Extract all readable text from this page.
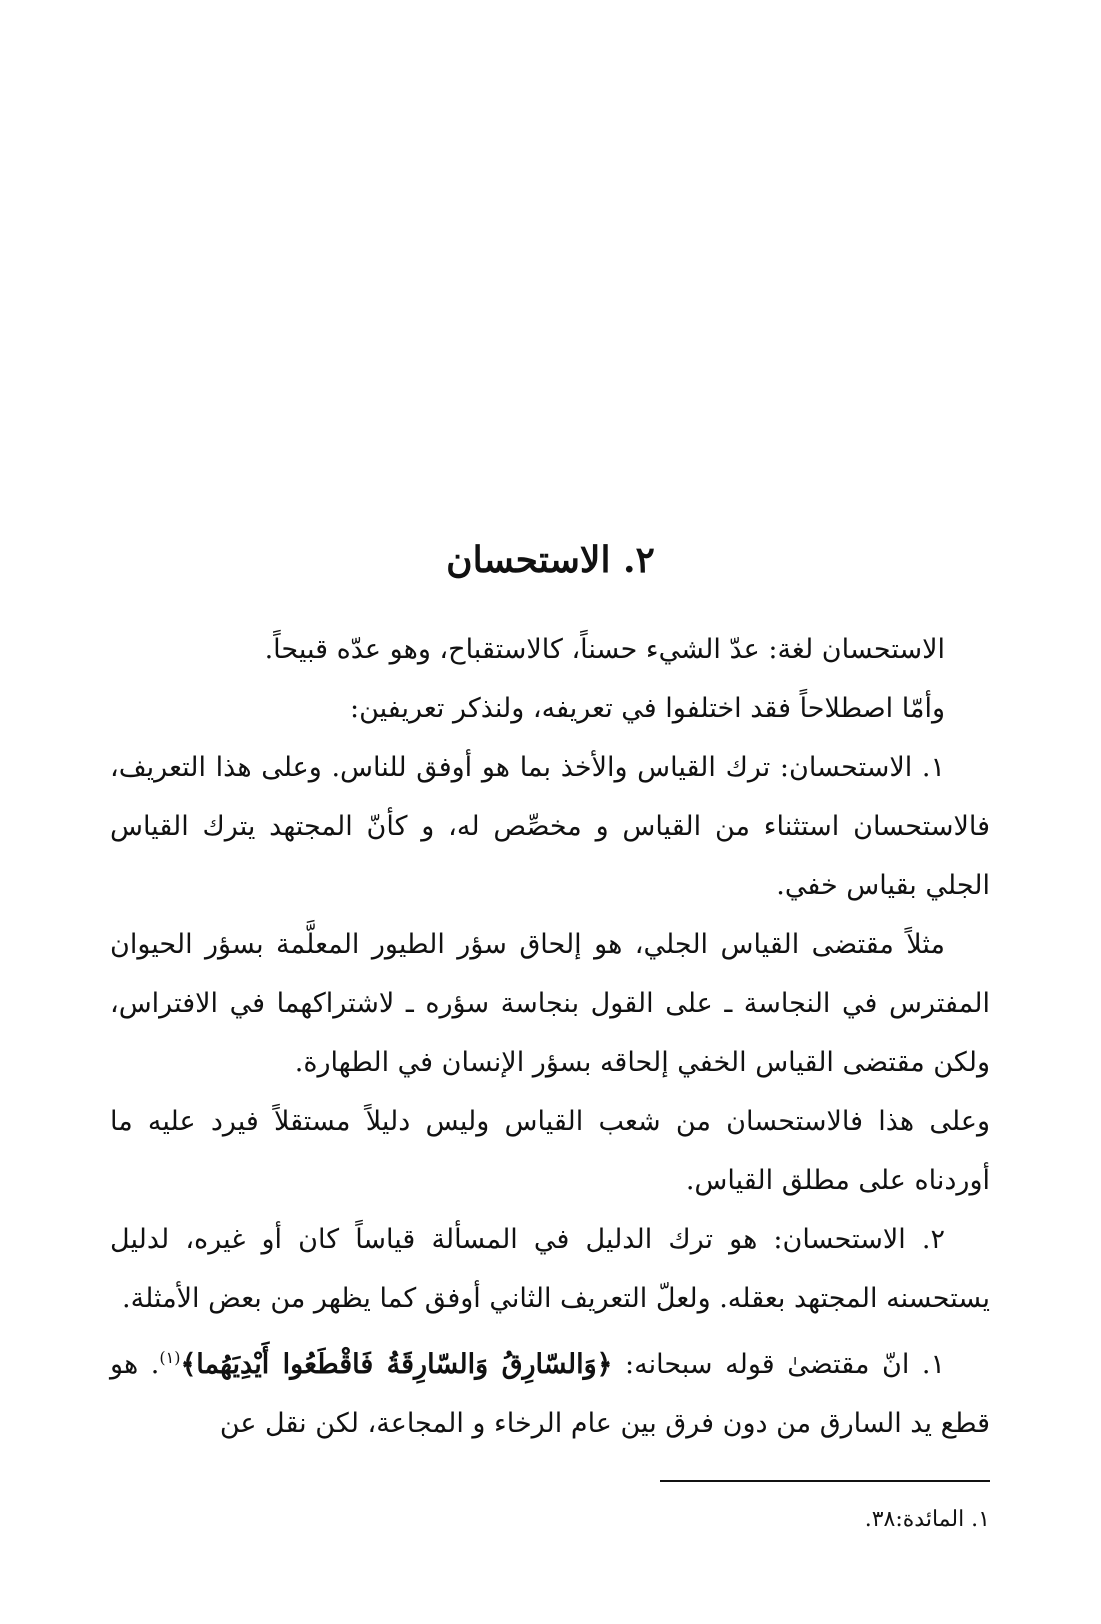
٢. الاستحسان

الاستحسان لغة: عدّ الشيء حسناً، كالاستقباح، وهو عدّه قبيحاً.

وأمّا اصطلاحاً فقد اختلفوا في تعريفه، ولنذكر تعريفين:

١. الاستحسان: ترك القياس والأخذ بما هو أوفق للناس. وعلى هذا التعريف، فالاستحسان استثناء من القياس و مخصِّص له، و كأنّ المجتهد يترك القياس الجلي بقياس خفي.

مثلاً مقتضى القياس الجلي، هو إلحاق سؤر الطيور المعلَّمة بسؤر الحيوان المفترس في النجاسة ـ على القول بنجاسة سؤره ـ لاشتراكهما في الافتراس، ولكن مقتضى القياس الخفي إلحاقه بسؤر الإنسان في الطهارة.

وعلى هذا فالاستحسان من شعب القياس وليس دليلاً مستقلاً فيرد عليه ما أوردناه على مطلق القياس.

٢. الاستحسان: هو ترك الدليل في المسألة قياساً كان أو غيره، لدليل يستحسنه المجتهد بعقله. ولعلّ التعريف الثاني أوفق كما يظهر من بعض الأمثلة.

١. انّ مقتضىٰ قوله سبحانه: ﴿وَالسّارِقُ وَالسّارِقَةُ فَاقْطَعُوا أَيْدِيَهُما﴾$^{(١)}$. هو قطع يد السارق من دون فرق بين عام الرخاء و المجاعة، لكن نقل عن

١. المائدة:٣٨.
